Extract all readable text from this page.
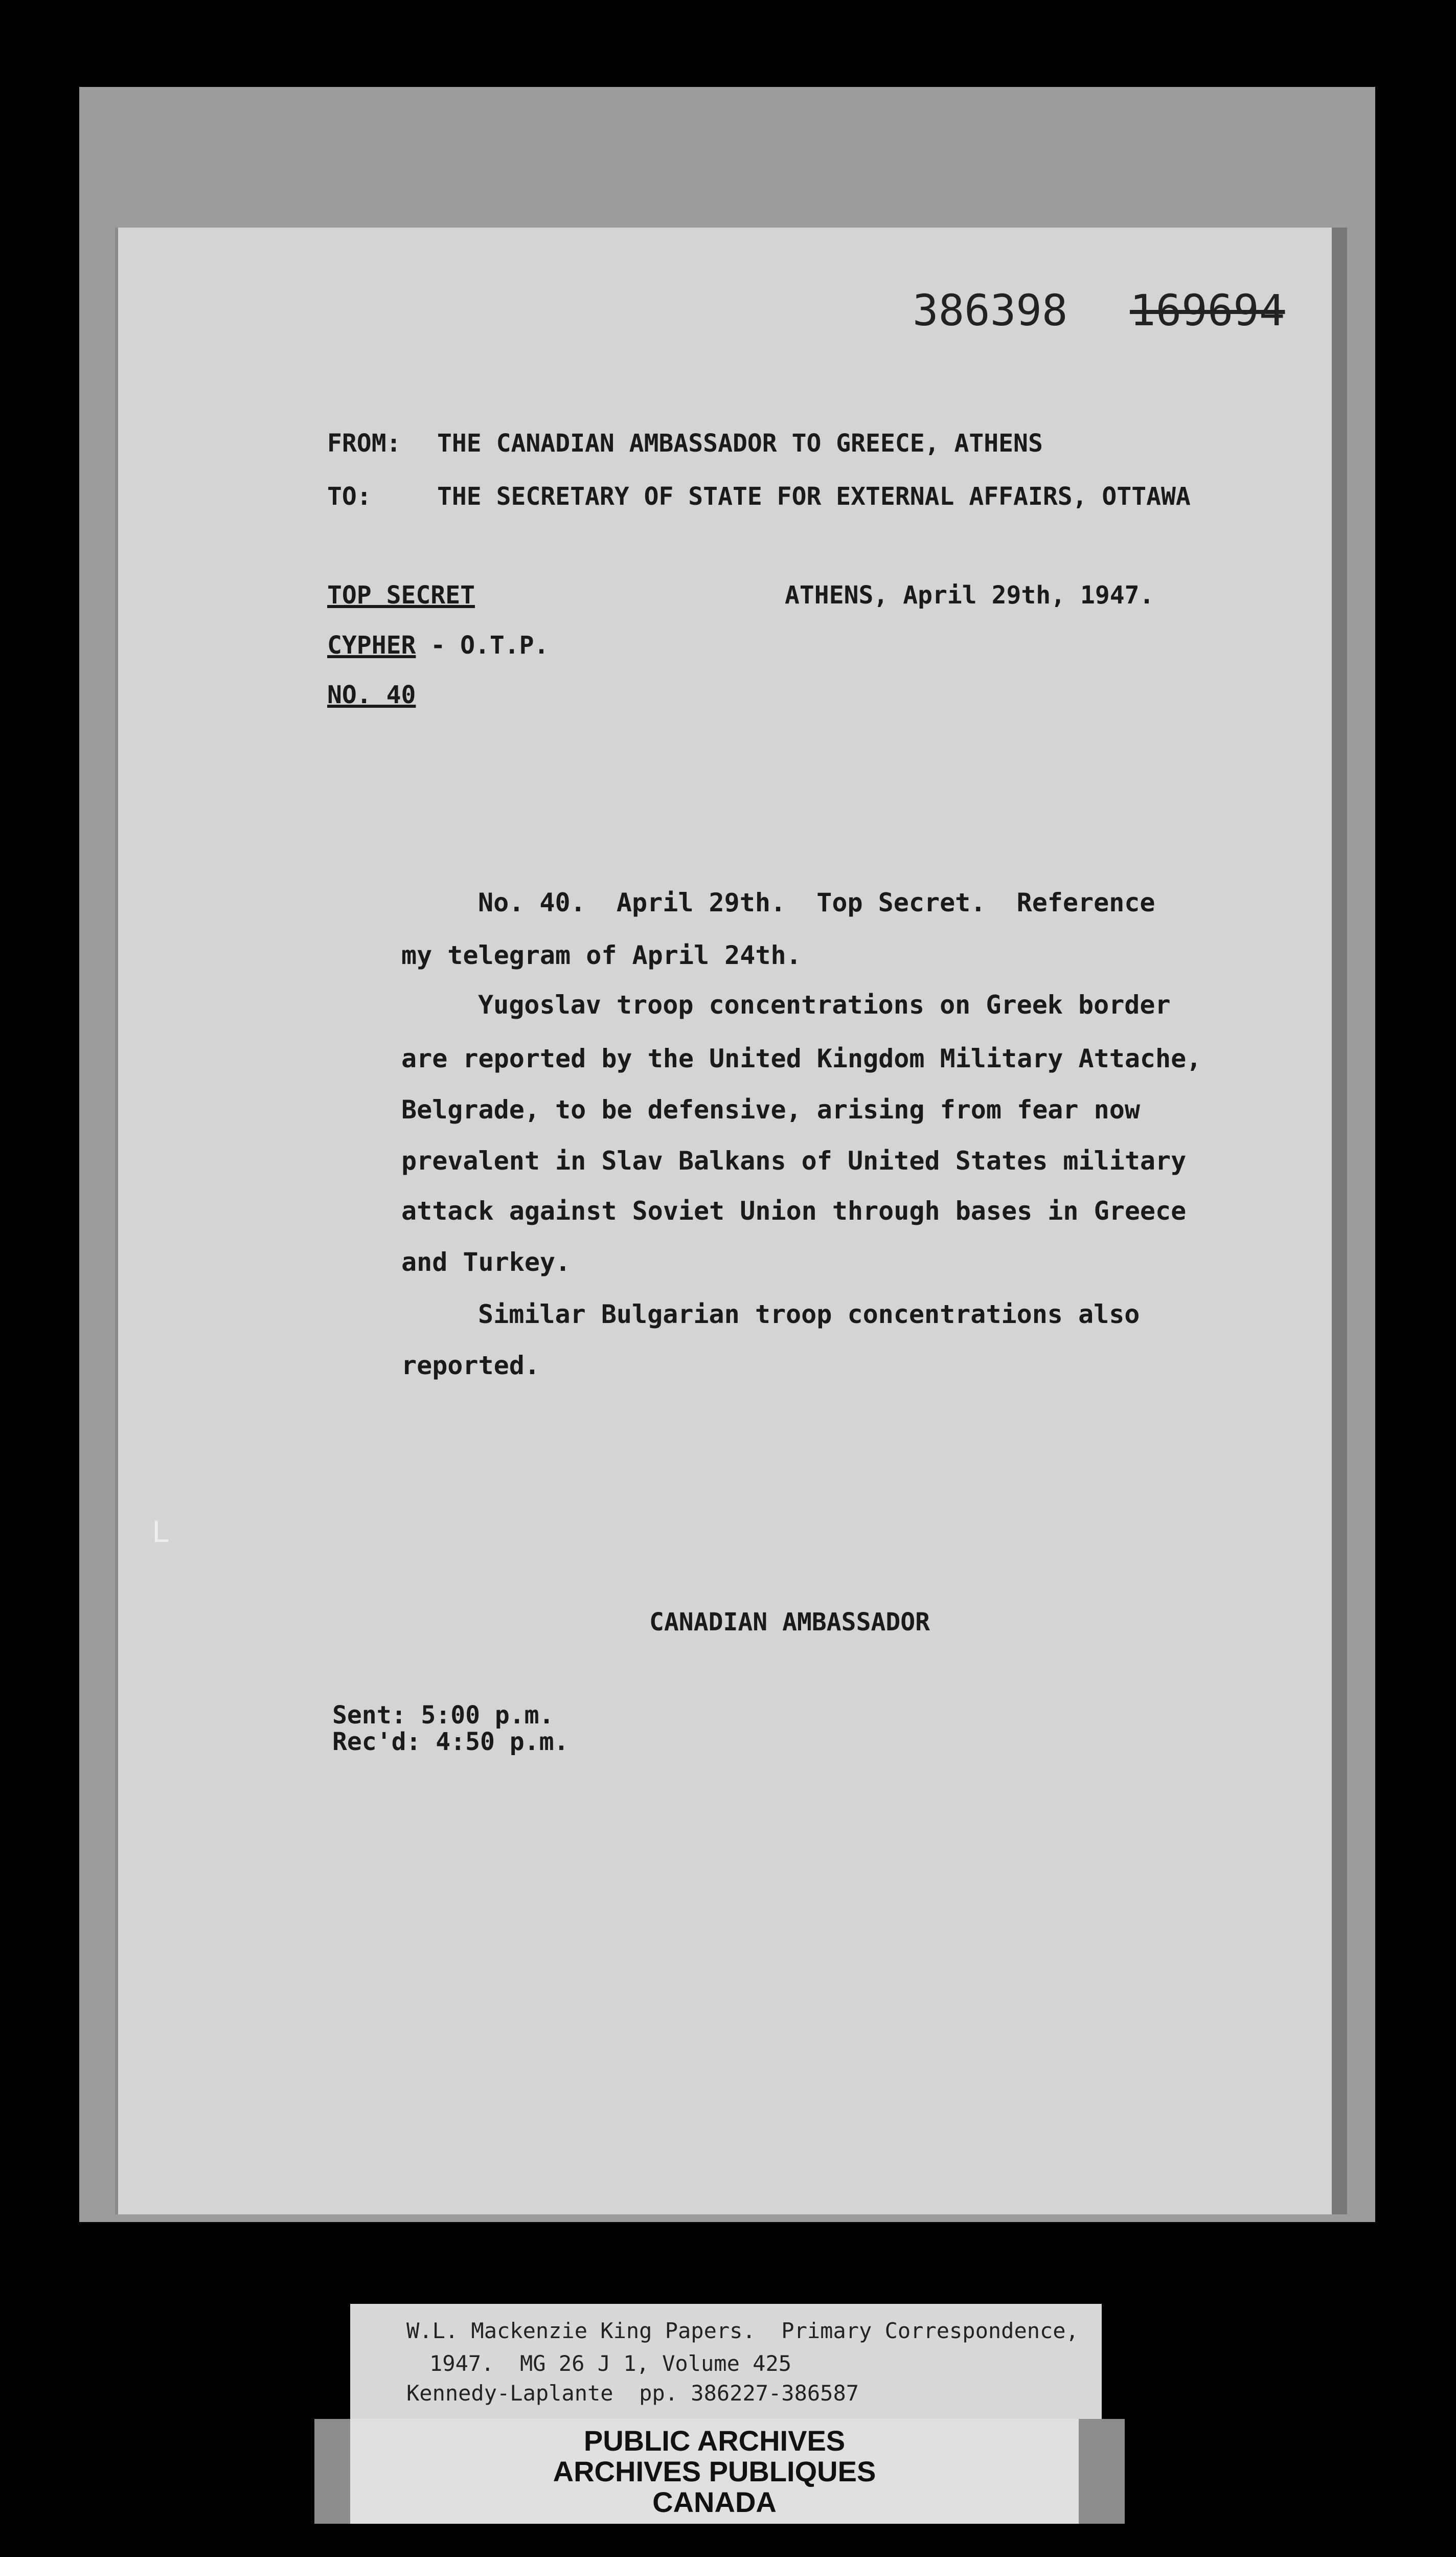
386398 169694
FROM: THE CANADIAN AMBASSADOR TO GREECE, ATHENS
TO:	THE SECRETARY OF STATE FOR EXTERNAL AFFAIRS, OTTAWA
TOP SECRET	ATHENS, April 29th, 1947.
CYPHER - O.T.P.
NO. 40
No. 40.  April 29th.  Top Secret.  Reference
my telegram of April 24th.
Yugoslav troop concentrations on Greek border
are reported by the United Kingdom Military Attache,
Belgrade, to be defensive, arising from fear now
prevalent in Slav Balkans of United States military
attack against Soviet Union through bases in Greece
and Turkey.
Similar Bulgarian troop concentrations also
reported.
L
CANADIAN AMBASSADOR
Sent: 5:00 p.m.
Rec'd: 4:50 p.m.
W.L. Mackenzie King Papers.  Primary Correspondence,
1947.  MG 26 J 1, Volume 425
Kennedy-Laplante  pp. 386227-386587
PUBLIC ARCHIVES
ARCHIVES PUBLIQUES
CANADA
